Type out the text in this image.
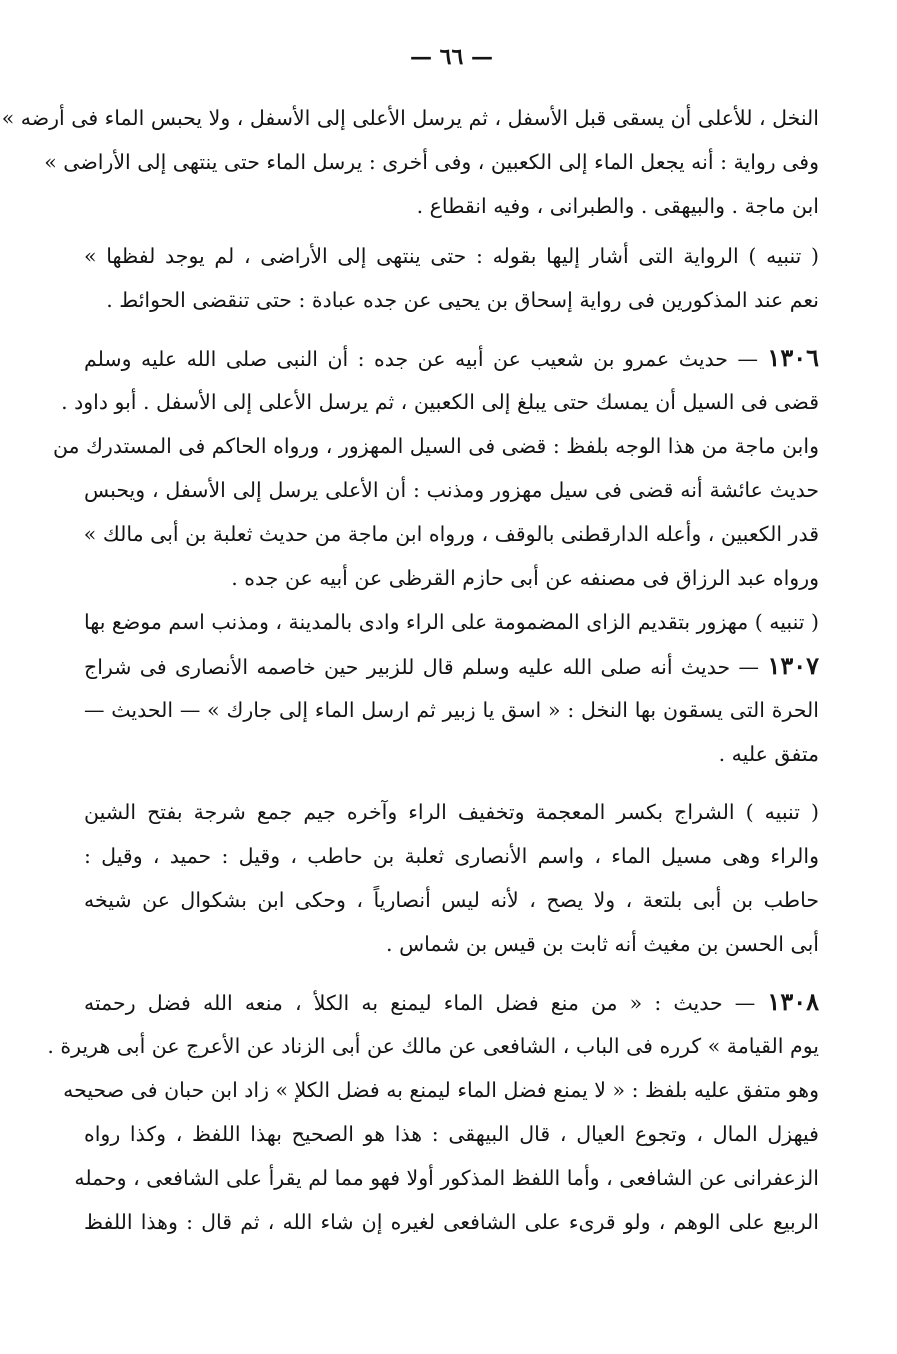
— ٦٦ —
النخل ، للأعلى أن يسقى قبل الأسفل ، ثم يرسل الأعلى إلى الأسفل ، ولا يحبس الماء فى أرضه »
وفى رواية : أنه يجعل الماء إلى الكعبين ، وفى أخرى : يرسل الماء حتى ينتهى إلى الأراضى »
ابن ماجة . والبيهقى . والطبرانى ، وفيه انقطاع .
( تنبيه ) الرواية التى أشار إليها بقوله : حتى ينتهى إلى الأراضى ، لم يوجد لفظها »
نعم عند المذكورين فى رواية إسحاق بن يحيى عن جده عبادة : حتى تنقضى الحوائط .
١٣٠٦ — حديث عمرو بن شعيب عن أبيه عن جده : أن النبى صلى الله عليه وسلم
قضى فى السيل أن يمسك حتى يبلغ إلى الكعبين ، ثم يرسل الأعلى إلى الأسفل . أبو داود .
وابن ماجة من هذا الوجه بلفظ : قضى فى السيل المهزور ، ورواه الحاكم فى المستدرك من
حديث عائشة أنه قضى فى سيل مهزور ومذنب : أن الأعلى يرسل إلى الأسفل ، ويحبس
قدر الكعبين ، وأعله الدارقطنى بالوقف ، ورواه ابن ماجة من حديث ثعلبة بن أبى مالك »
ورواه عبد الرزاق فى مصنفه عن أبى حازم القرظى عن أبيه عن جده .
( تنبيه ) مهزور بتقديم الزاى المضمومة على الراء وادى بالمدينة ، ومذنب اسم موضع بها
١٣٠٧ — حديث أنه صلى الله عليه وسلم قال للزبير حين خاصمه الأنصارى فى شراج
الحرة التى يسقون بها النخل : « اسق يا زبير ثم ارسل الماء إلى جارك » — الحديث —
متفق عليه .
( تنبيه ) الشراج بكسر المعجمة وتخفيف الراء وآخره جيم جمع شرجة بفتح الشين
والراء وهى مسيل الماء ، واسم الأنصارى ثعلبة بن حاطب ، وقيل : حميد ، وقيل :
حاطب بن أبى بلتعة ، ولا يصح ، لأنه ليس أنصارياً ، وحكى ابن بشكوال عن شيخه
أبى الحسن بن مغيث أنه ثابت بن قيس بن شماس .
١٣٠٨ — حديث : « من منع فضل الماء ليمنع به الكلأ ، منعه الله فضل رحمته
يوم القيامة » كرره فى الباب ، الشافعى عن مالك عن أبى الزناد عن الأعرج عن أبى هريرة .
وهو متفق عليه بلفظ : « لا يمنع فضل الماء ليمنع به فضل الكلإ » زاد ابن حبان فى صحيحه
فيهزل المال ، وتجوع العيال ، قال البيهقى : هذا هو الصحيح بهذا اللفظ ، وكذا رواه
الزعفرانى عن الشافعى ، وأما اللفظ المذكور أولا فهو مما لم يقرأ على الشافعى ، وحمله
الربيع على الوهم ، ولو قرىء على الشافعى لغيره إن شاء الله ، ثم قال : وهذا اللفظ
